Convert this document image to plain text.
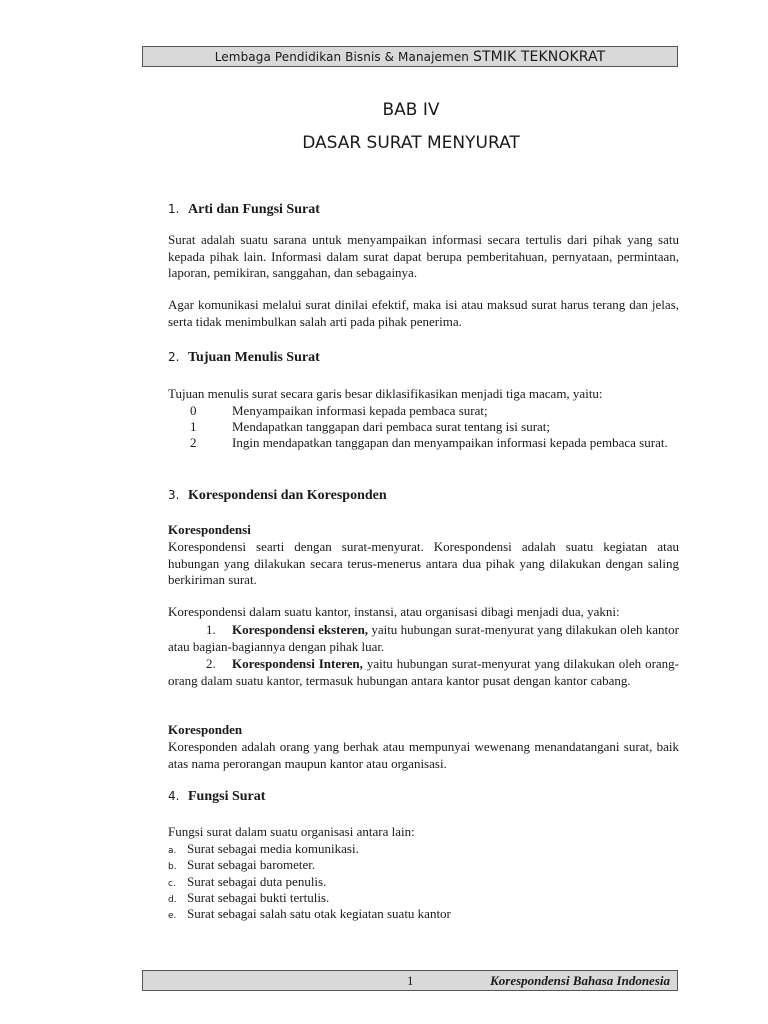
Lembaga Pendidikan Bisnis & Manajemen STMIK TEKNOKRAT
BAB IV
DASAR SURAT MENYURAT
1. Arti dan Fungsi Surat
Surat adalah suatu sarana untuk menyampaikan informasi secara tertulis dari pihak yang satu kepada pihak lain. Informasi dalam surat dapat berupa pemberitahuan, pernyataan, permintaan, laporan, pemikiran, sanggahan, dan sebagainya.
Agar komunikasi melalui surat dinilai efektif, maka isi atau maksud surat harus terang dan jelas, serta tidak menimbulkan salah arti pada pihak penerima.
2. Tujuan Menulis Surat
Tujuan menulis surat secara garis besar diklasifikasikan menjadi tiga macam, yaitu:
0	Menyampaikan informasi kepada pembaca surat;
1	Mendapatkan tanggapan dari pembaca surat tentang isi surat;
2	Ingin mendapatkan tanggapan dan menyampaikan informasi kepada pembaca surat.
3. Korespondensi dan Koresponden
Korespondensi
Korespondensi searti dengan surat-menyurat. Korespondensi adalah suatu kegiatan atau hubungan yang dilakukan secara terus-menerus antara dua pihak yang dilakukan dengan saling berkiriman surat.
Korespondensi dalam suatu kantor, instansi, atau organisasi dibagi menjadi dua, yakni:
1. Korespondensi eksteren, yaitu hubungan surat-menyurat yang dilakukan oleh kantor atau bagian-bagiannya dengan pihak luar.
2. Korespondensi Interen, yaitu hubungan surat-menyurat yang dilakukan oleh orang-orang dalam suatu kantor, termasuk hubungan antara kantor pusat dengan kantor cabang.
Koresponden
Koresponden adalah orang yang berhak atau mempunyai wewenang menandatangani surat, baik atas nama perorangan maupun kantor atau organisasi.
4. Fungsi Surat
Fungsi surat dalam suatu organisasi antara lain:
a. Surat sebagai media komunikasi.
b. Surat sebagai barometer.
c. Surat sebagai duta penulis.
d. Surat sebagai bukti tertulis.
e. Surat sebagai salah satu otak kegiatan suatu kantor
1	Korespondensi Bahasa Indonesia
